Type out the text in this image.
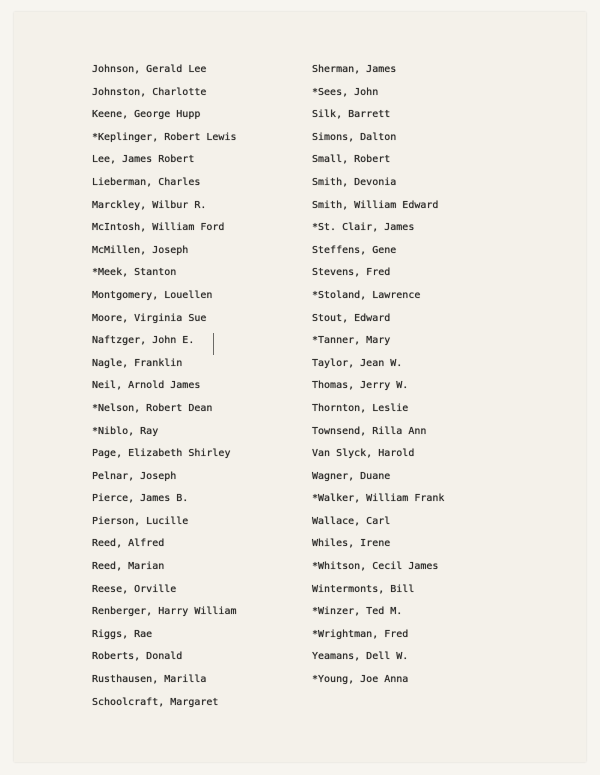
Johnson, Gerald Lee
Johnston, Charlotte
Keene, George Hupp
*Keplinger, Robert Lewis
Lee, James Robert
Lieberman, Charles
Marckley, Wilbur R.
McIntosh, William Ford
McMillen, Joseph
*Meek, Stanton
Montgomery, Louellen
Moore, Virginia Sue
Naftzger, John E.
Nagle, Franklin
Neil, Arnold James
*Nelson, Robert Dean
*Niblo, Ray
Page, Elizabeth Shirley
Pelnar, Joseph
Pierce, James B.
Pierson, Lucille
Reed, Alfred
Reed, Marian
Reese, Orville
Renberger, Harry William
Riggs, Rae
Roberts, Donald
Rusthausen, Marilla
Schoolcraft, Margaret
Sherman, James
*Sees, John
Silk, Barrett
Simons, Dalton
Small, Robert
Smith, Devonia
Smith, William Edward
*St. Clair, James
Steffens, Gene
Stevens, Fred
*Stoland, Lawrence
Stout, Edward
*Tanner, Mary
Taylor, Jean W.
Thomas, Jerry W.
Thornton, Leslie
Townsend, Rilla Ann
Van Slyck, Harold
Wagner, Duane
*Walker, William Frank
Wallace, Carl
Whiles, Irene
*Whitson, Cecil James
Wintermonts, Bill
*Winzer, Ted M.
*Wrightman, Fred
Yeamans, Dell W.
*Young, Joe Anna
